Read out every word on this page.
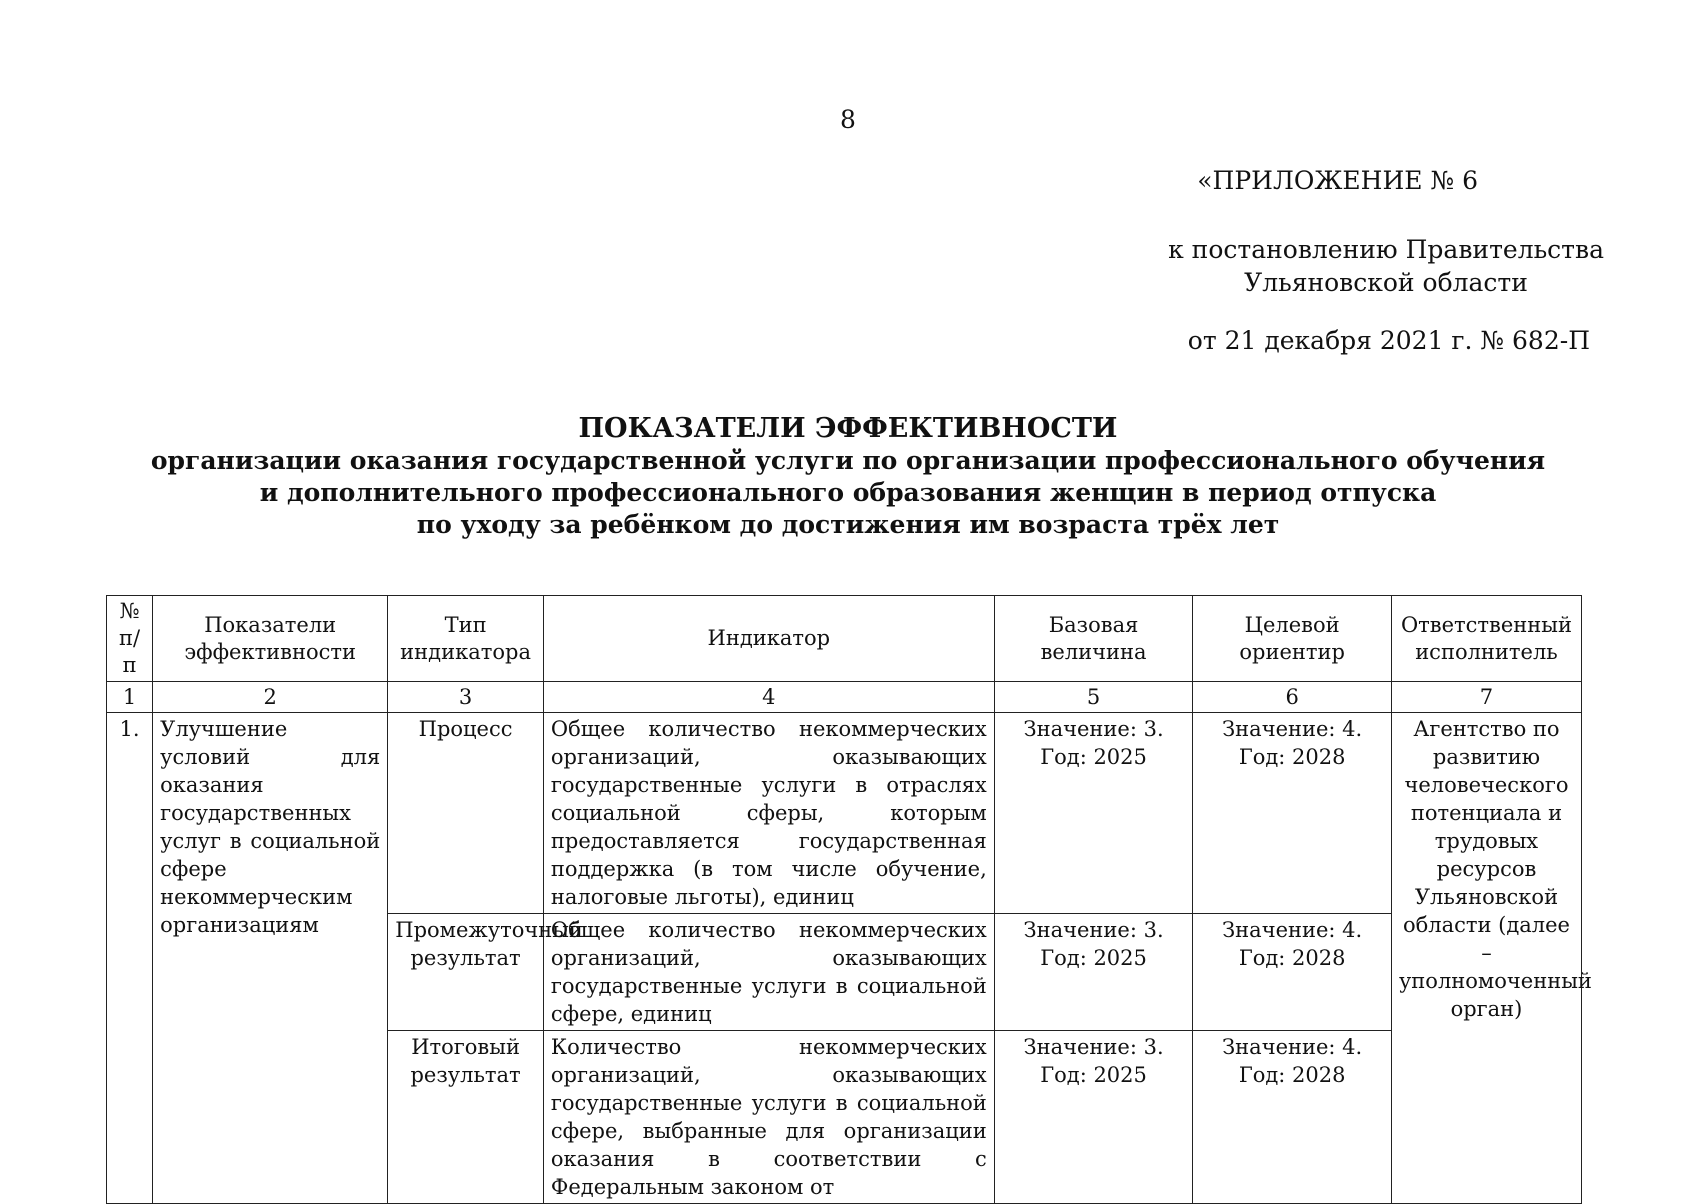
8
«ПРИЛОЖЕНИЕ № 6
к постановлению Правительства
Ульяновской области
от 21 декабря 2021 г. № 682-П
ПОКАЗАТЕЛИ ЭФФЕКТИВНОСТИ
организации оказания государственной услуги по организации профессионального обучения
и дополнительного профессионального образования женщин в период отпуска
по уходу за ребёнком до достижения им возраста трёх лет
№ п/п	Показатели эффективности	Тип индикатора	Индикатор	Базовая величина	Целевой ориентир	Ответственный исполнитель
1	2	3	4	5	6	7
1.	Улучшение условий для оказания государственных услуг в социальной сфере некоммерческим организациям	Процесс	Общее количество некоммерческих организаций, оказывающих государственные услуги в отраслях социальной сферы, которым предоставляется государственная поддержка (в том числе обучение, налоговые льготы), единиц	Значение: 3. Год: 2025	Значение: 4. Год: 2028	Агентство по развитию человеческого потенциала и трудовых ресурсов Ульяновской области (далее – уполномоченный орган)
		Промежуточный результат	Общее количество некоммерческих организаций, оказывающих государственные услуги в социальной сфере, единиц	Значение: 3. Год: 2025	Значение: 4. Год: 2028	
		Итоговый результат	Количество некоммерческих организаций, оказывающих государственные услуги в социальной сфере, выбранные для организации оказания в соответствии с Федеральным законом от	Значение: 3. Год: 2025	Значение: 4. Год: 2028	
